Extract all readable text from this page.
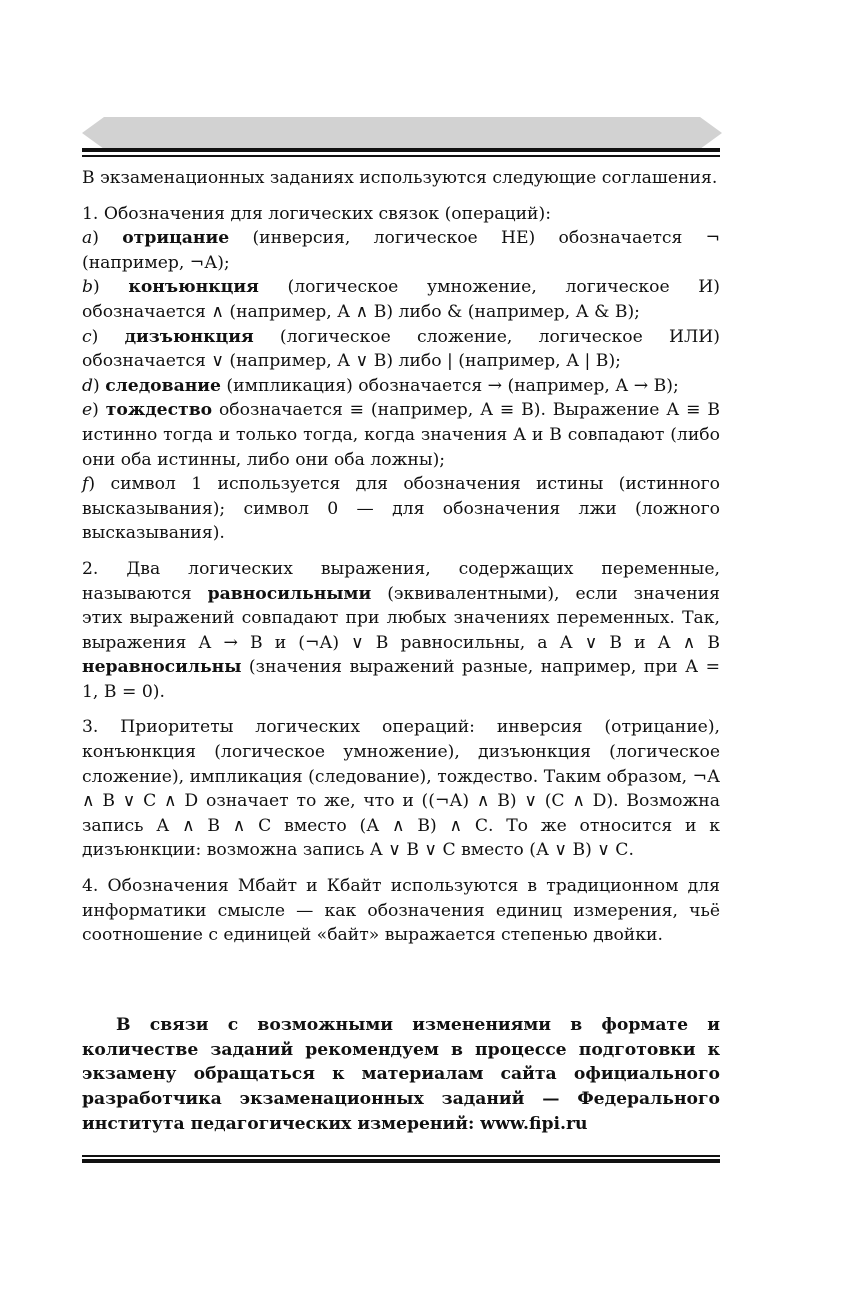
В экзаменационных заданиях используются следующие соглашения.

1. Обозначения для логических связок (операций):

a) отрицание (инверсия, логическое НЕ) обозначается ¬ (например, ¬А);

b) конъюнкция (логическое умножение, логическое И) обозначается ∧ (например, А ∧ В) либо & (например, А & В);

c) дизъюнкция (логическое сложение, логическое ИЛИ) обозначается ∨ (например, А ∨ В) либо | (например, А | В);

d) следование (импликация) обозначается → (например, А → В);

e) тождество обозначается ≡ (например, А ≡ В). Выражение А ≡ В истинно тогда и только тогда, когда значения А и В совпадают (либо они оба истинны, либо они оба ложны);

f) символ 1 используется для обозначения истины (истинного высказывания); символ 0 — для обозначения лжи (ложного высказывания).

2. Два логических выражения, содержащих переменные, называются равносильными (эквивалентными), если значения этих выражений совпадают при любых значениях переменных. Так, выражения А → В и (¬А) ∨ В равносильны, а А ∨ В и А ∧ В неравносильны (значения выражений разные, например, при А = 1, В = 0).

3. Приоритеты логических операций: инверсия (отрицание), конъюнкция (логическое умножение), дизъюнкция (логическое сложение), импликация (следование), тождество. Таким образом, ¬А ∧ В ∨ С ∧ D означает то же, что и ((¬А) ∧ В) ∨ (С ∧ D). Возможна запись А ∧ В ∧ С вместо (А ∧ В) ∧ С. То же относится и к дизъюнкции: возможна запись А ∨ В ∨ С вместо (А ∨ В) ∨ С.

4. Обозначения Мбайт и Кбайт используются в традиционном для информатики смысле — как обозначения единиц измерения, чьё соотношение с единицей «байт» выражается степенью двойки.

В связи с возможными изменениями в формате и количестве заданий рекомендуем в процессе подготовки к экзамену обращаться к материалам сайта официального разработчика экзаменационных заданий — Федерального института педагогических измерений: www.fipi.ru
